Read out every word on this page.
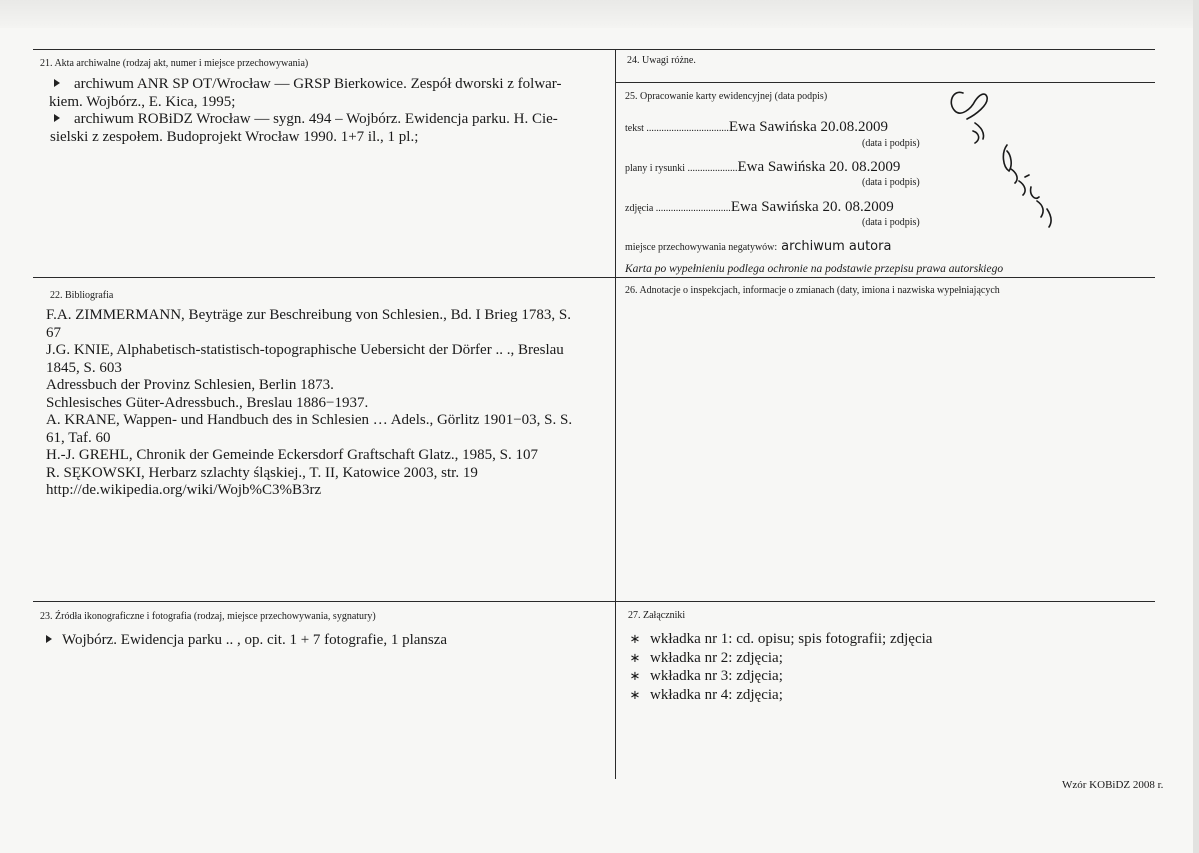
21. Akta archiwalne (rodzaj akt, numer i miejsce przechowywania)
archiwum ANR SP OT/Wrocław — GRSP Bierkowice. Zespół dworski z folwar-
kiem. Wojbórz., E. Kica, 1995;
archiwum ROBiDZ Wrocław — sygn. 494 – Wojbórz. Ewidencja parku. H. Cie-
sielski z zespołem. Budoprojekt Wrocław 1990. 1+7 il., 1 pl.;
22. Bibliografia
F.A. ZIMMERMANN, Beyträge zur Beschreibung von Schlesien., Bd. I Brieg 1783, S.
67
J.G. KNIE, Alphabetisch-statistisch-topographische Uebersicht der Dörfer .. ., Breslau
1845, S. 603
Adressbuch der Provinz Schlesien, Berlin 1873.
Schlesisches Güter-Adressbuch., Breslau 1886−1937.
A. KRANE, Wappen- und Handbuch des in Schlesien … Adels., Görlitz 1901−03, S. S.
61, Taf. 60
H.-J. GREHL, Chronik der Gemeinde Eckersdorf Graftschaft Glatz., 1985, S. 107
R. SĘKOWSKI, Herbarz szlachty śląskiej., T. II, Katowice 2003, str. 19
http://de.wikipedia.org/wiki/Wojb%C3%B3rz
23. Źródła ikonograficzne i fotografia (rodzaj, miejsce przechowywania, sygnatury)
Wojbórz. Ewidencja parku .. , op. cit. 1 + 7 fotografie, 1 plansza
24. Uwagi różne.
25. Opracowanie karty ewidencyjnej (data podpis)
tekst .................................Ewa Sawińska 20.08.2009
(data i podpis)
plany i rysunki ....................Ewa Sawińska 20. 08.2009
(data i podpis)
zdjęcia ..............................Ewa Sawińska 20. 08.2009
(data i podpis)
miejsce przechowywania negatywów: archiwum autora
Karta po wypełnieniu podlega ochronie na podstawie przepisu prawa autorskiego
26. Adnotacje o inspekcjach, informacje o zmianach (daty, imiona i nazwiska wypełniających
27. Załączniki
∗ wkładka nr 1: cd. opisu; spis fotografii; zdjęcia
∗ wkładka nr 2: zdjęcia;
∗ wkładka nr 3: zdjęcia;
∗ wkładka nr 4: zdjęcia;
Wzór KOBiDZ 2008 r.
